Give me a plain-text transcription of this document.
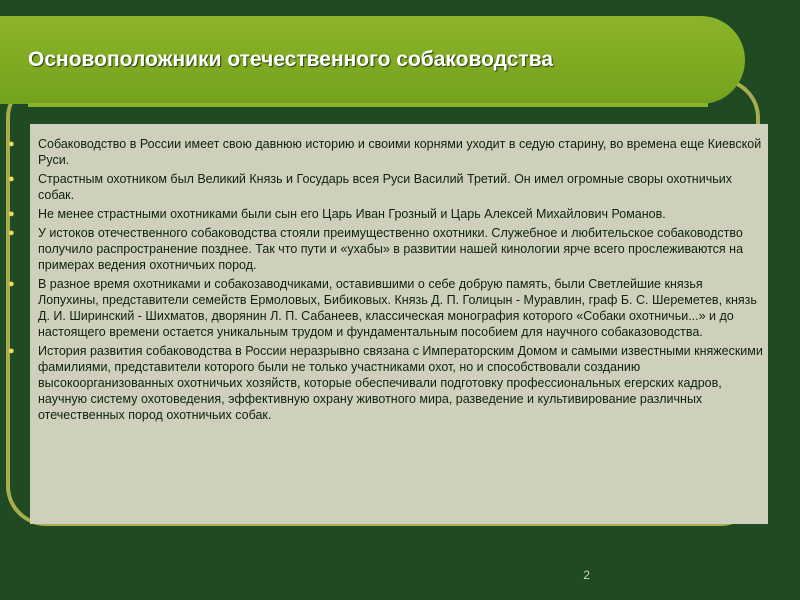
Основоположники отечественного собаководства
● Собаководство в России имеет свою давнюю историю и своими корнями уходит в седую старину, во времена еще Киевской Руси.
● Страстным охотником был Великий Князь и Государь всея Руси Василий Третий. Он имел огромные своры охотничьих собак.
● Не менее страстными охотниками были сын его Царь Иван Грозный и Царь Алексей Михайлович Романов.
● У истоков отечественного собаководства стояли преимущественно охотники. Служебное и любительское собаководство получило распространение позднее. Так что пути и «ухабы» в развитии нашей кинологии ярче всего прослеживаются на примерах ведения охотничьих пород.
● В разное время охотниками и собакозаводчиками, оставившими о себе добрую память, были Светлейшие князья Лопухины, представители семейств Ермоловых, Бибиковых. Князь Д. П. Голицын - Муравлин, граф Б. С. Шереметев, князь Д. И. Ширинский - Шихматов, дворянин Л. П. Сабанеев, классическая монография которого «Собаки охотничьи...» и до настоящего времени остается уникальным трудом и фундаментальным пособием для научного собаказоводства.
● История развития собаководства в России неразрывно связана с Императорским Домом и самыми известными княжескими фамилиями, представители которого были не только участниками охот, но и способствовали созданию высокоорганизованных охотничьих хозяйств, которые обеспечивали подготовку профессиональных егерских кадров, научную систему охотоведения, эффективную охрану животного мира, разведение и культивирование различных отечественных пород охотничьих собак.
2
